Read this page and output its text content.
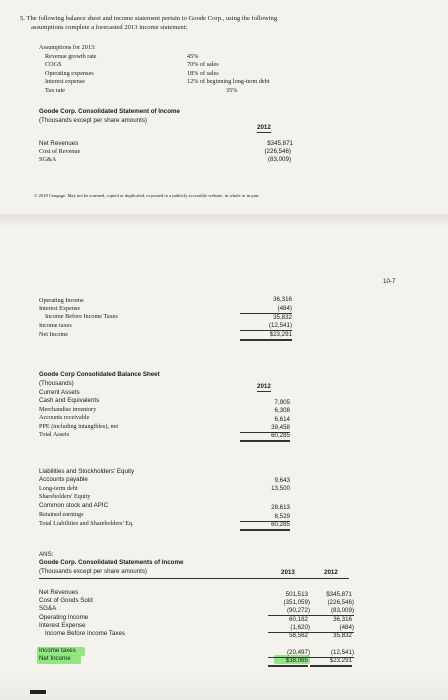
5. The following balance sheet and income statement pertain to Goode Corp., using the following
assumptions complete a forecasted 2013 income statement:
Assumptions for 2013:
Revenue growth rate	45%
COGS	70% of sales
Operating expenses	18% of sales
Interest expense	12% of beginning long-term debt
Tax rate	35%
Goode Corp. Consolidated Statement of Income
(Thousands except per share amounts)
2012
Net Revenues	$345,871
Cost of Revenue	(226,546)
SG&A	(83,009)
© 2018 Cengage. May not be scanned, copied or duplicated, or posted to a publicly accessible website, in whole or in part.
10-7
Operating Income	36,316
Interest Expense	(484)
Income Before Income Taxes	35,832
Income taxes	(12,541)
Net Income	$23,291
Goode Corp Consolidated Balance Sheet
(Thousands)	2012
Current Assets
Cash and Equivalents	7,905
Merchandise inventory	6,308
Accounts receivable	6,614
PPE (including intangibles), net	39,458
Total Assets	60,285
Liabilities and Stockholders' Equity
Accounts payable	9,643
Long-term debt	13,500
Shareholders' Equity
Common stock and APIC	28,613
Retained earnings	8,529
Total Liabilities and Shareholders' Eq.	60,285
ANS:
Goode Corp. Consolidated Statements of Income
(Thousands except per share amounts)	2013	2012
Net Revenues	501,513	$345,871
Cost of Goods Sold	(351,059)	(226,546)
SG&A	(90,272)	(83,009)
Operating Income	60,182	36,316
Interest Expense	(1,620)	(484)
Income Before Income Taxes	58,562	35,832
Income taxes	(20,497)	(12,541)
Net Income	$38,065	$23,291
